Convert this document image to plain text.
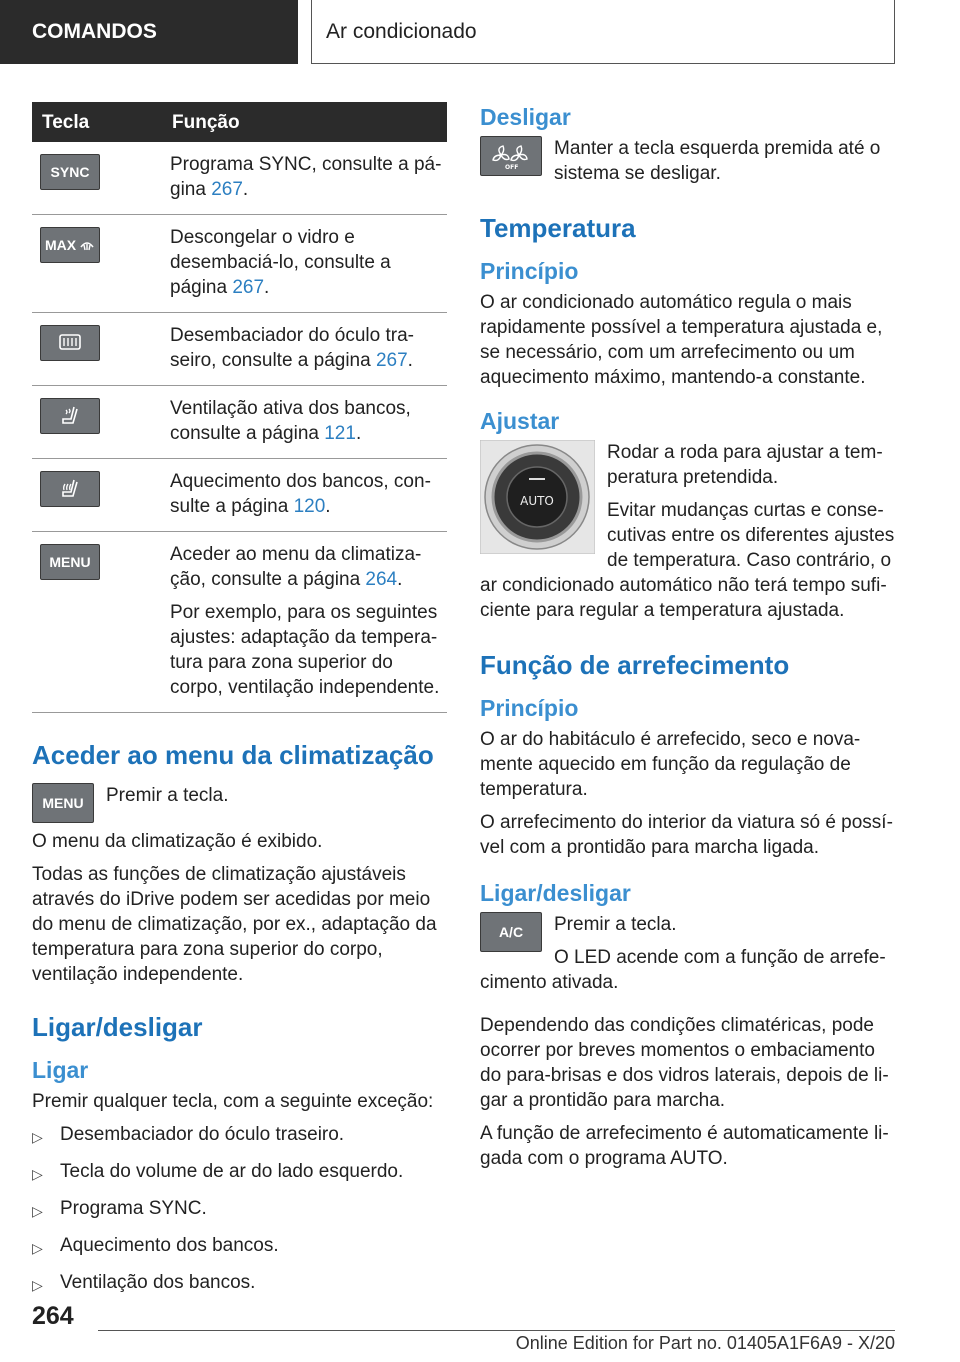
COMANDOS	Ar condicionado
Tecla	Função

SYNC	Programa SYNC, consulte a página 267.

MAX	Descongelar o vidro e desembaciá-lo, consulte a página 267.

	Desembaciador do óculo traseiro, consulte a página 267.

	Ventilação ativa dos bancos, consulte a página 121.

	Aquecimento dos bancos, consulte a página 120.

MENU	Aceder ao menu da climatização, consulte a página 264.

Por exemplo, para os seguintes ajustes: adaptação da temperatura para zona superior do corpo, ventilação independente.

Aceder ao menu da climatização
MENU	Premir a tecla.

O menu da climatização é exibido.

Todas as funções de climatização ajustáveis através do iDrive podem ser acedidas por meio do menu de climatização, por ex., adaptação da temperatura para zona superior do corpo, ventilação independente.

Ligar/desligar
Ligar

Premir qualquer tecla, com a seguinte exceção:

▷ Desembaciador do óculo traseiro.
▷ Tecla do volume de ar do lado esquerdo.
▷ Programa SYNC.
▷ Aquecimento dos bancos.
▷ Ventilação dos bancos.
Desligar
OFF

Manter a tecla esquerda premida até o sistema se desligar.

Temperatura
Princípio

O ar condicionado automático regula o mais rapidamente possível a temperatura ajustada e, se necessário, com um arrefecimento ou um aquecimento máximo, mantendo-a constante.

Ajustar
AUTO

Rodar a roda para ajustar a temperatura pretendida.

Evitar mudanças curtas e consecutivas entre os diferentes ajustes de temperatura. Caso contrário, o ar condicionado automático não terá tempo suficiente para regular a temperatura ajustada.

Função de arrefecimento
Princípio

O ar do habitáculo é arrefecido, seco e novamente aquecido em função da regulação de temperatura.

O arrefecimento do interior da viatura só é possível com a prontidão para marcha ligada.

Ligar/desligar
A/C	Premir a tecla.

O LED acende com a função de arrefecimento ativada.

Dependendo das condições climatéricas, pode ocorrer por breves momentos o embaciamento do para-brisas e dos vidros laterais, depois de ligar a prontidão para marcha.

A função de arrefecimento é automaticamente ligada com o programa AUTO.

264
Online Edition for Part no. 01405A1F6A9 - X/20
